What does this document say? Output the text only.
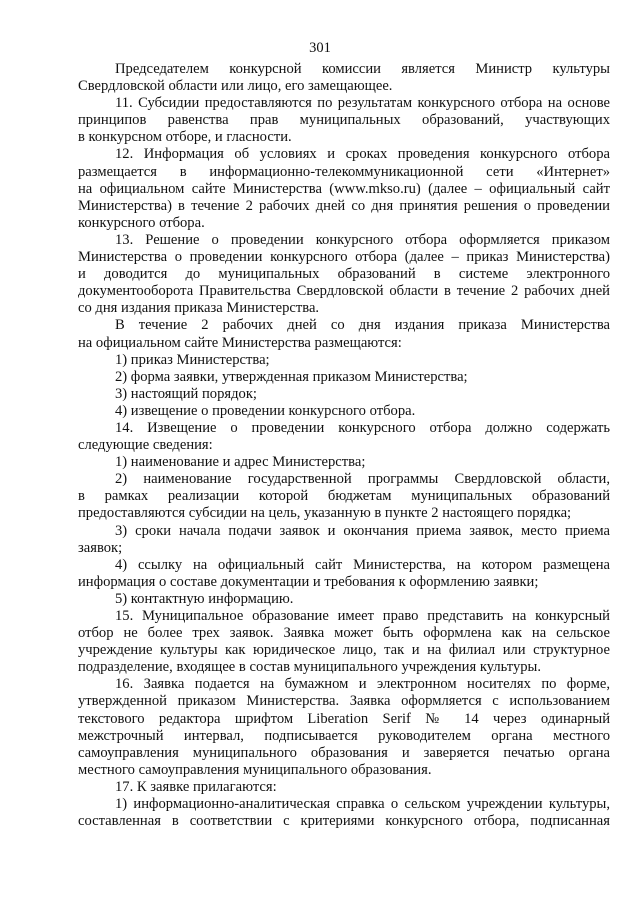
301

Председателем конкурсной комиссии является Министр культуры
Свердловской области или лицо, его замещающее.

11. Субсидии предоставляются по результатам конкурсного отбора на основе
принципов равенства прав муниципальных образований, участвующих
в конкурсном отборе, и гласности.

12. Информация об условиях и сроках проведения конкурсного отбора
размещается в информационно-телекоммуникационной сети «Интернет»
на официальном сайте Министерства (www.mkso.ru) (далее – официальный сайт
Министерства) в течение 2 рабочих дней со дня принятия решения о проведении
конкурсного отбора.

13. Решение о проведении конкурсного отбора оформляется приказом
Министерства о проведении конкурсного отбора (далее – приказ Министерства)
и доводится до муниципальных образований в системе электронного
документооборота Правительства Свердловской области в течение 2 рабочих дней
со дня издания приказа Министерства.

В течение 2 рабочих дней со дня издания приказа Министерства
на официальном сайте Министерства размещаются:

1) приказ Министерства;

2) форма заявки, утвержденная приказом Министерства;

3) настоящий порядок;

4) извещение о проведении конкурсного отбора.

14. Извещение о проведении конкурсного отбора должно содержать
следующие сведения:

1) наименование и адрес Министерства;

2) наименование государственной программы Свердловской области,
в рамках реализации которой бюджетам муниципальных образований
предоставляются субсидии на цель, указанную в пункте 2 настоящего порядка;

3) сроки начала подачи заявок и окончания приема заявок, место приема
заявок;

4) ссылку на официальный сайт Министерства, на котором размещена
информация о составе документации и требования к оформлению заявки;

5) контактную информацию.

15. Муниципальное образование имеет право представить на конкурсный
отбор не более трех заявок. Заявка может быть оформлена как на сельское
учреждение культуры как юридическое лицо, так и на филиал или структурное
подразделение, входящее в состав муниципального учреждения культуры.

16. Заявка подается на бумажном и электронном носителях по форме,
утвержденной приказом Министерства. Заявка оформляется с использованием
текстового редактора шрифтом Liberation Serif № 14 через одинарный
межстрочный интервал, подписывается руководителем органа местного
самоуправления муниципального образования и заверяется печатью органа
местного самоуправления муниципального образования.

17. К заявке прилагаются:

1) информационно-аналитическая справка о сельском учреждении культуры,
составленная в соответствии с критериями конкурсного отбора, подписанная
